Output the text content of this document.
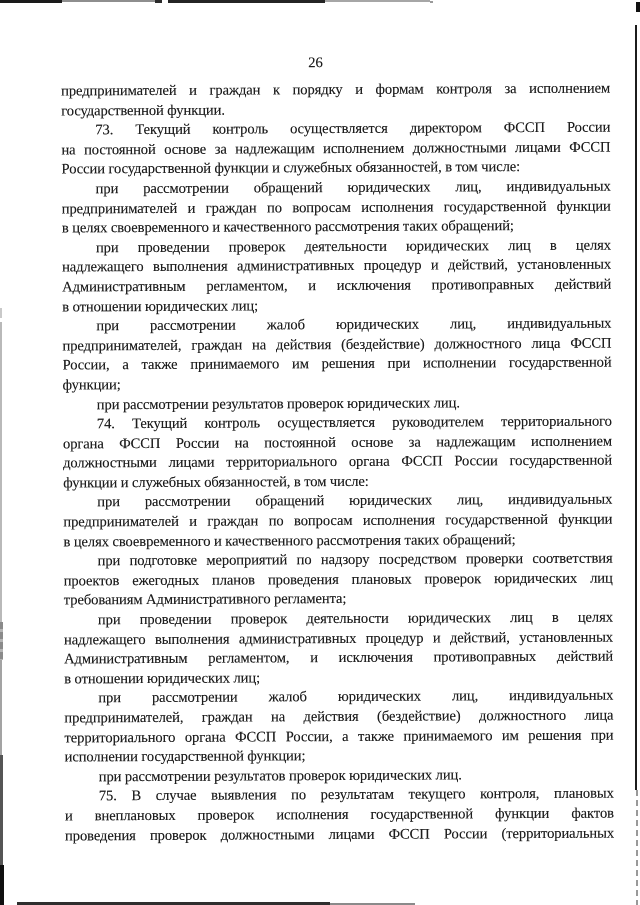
26
предпринимателей и граждан к порядку и формам контроля за исполнением
государственной функции.
73. Текущий контроль осуществляется директором ФССП России
на постоянной основе за надлежащим исполнением должностными лицами ФССП
России государственной функции и служебных обязанностей, в том числе:
при рассмотрении обращений юридических лиц, индивидуальных
предпринимателей и граждан по вопросам исполнения государственной функции
в целях своевременного и качественного рассмотрения таких обращений;
при проведении проверок деятельности юридических лиц в целях
надлежащего выполнения административных процедур и действий, установленных
Административным регламентом, и исключения противоправных действий
в отношении юридических лиц;
при рассмотрении жалоб юридических лиц, индивидуальных
предпринимателей, граждан на действия (бездействие) должностного лица ФССП
России, а также принимаемого им решения при исполнении государственной
функции;
при рассмотрении результатов проверок юридических лиц.
74. Текущий контроль осуществляется руководителем территориального
органа ФССП России на постоянной основе за надлежащим исполнением
должностными лицами территориального органа ФССП России государственной
функции и служебных обязанностей, в том числе:
при рассмотрении обращений юридических лиц, индивидуальных
предпринимателей и граждан по вопросам исполнения государственной функции
в целях своевременного и качественного рассмотрения таких обращений;
при подготовке мероприятий по надзору посредством проверки соответствия
проектов ежегодных планов проведения плановых проверок юридических лиц
требованиям Административного регламента;
при проведении проверок деятельности юридических лиц в целях
надлежащего выполнения административных процедур и действий, установленных
Административным регламентом, и исключения противоправных действий
в отношении юридических лиц;
при рассмотрении жалоб юридических лиц, индивидуальных
предпринимателей, граждан на действия (бездействие) должностного лица
территориального органа ФССП России, а также принимаемого им решения при
исполнении государственной функции;
при рассмотрении результатов проверок юридических лиц.
75. В случае выявления по результатам текущего контроля, плановых
и внеплановых проверок исполнения государственной функции фактов
проведения проверок должностными лицами ФССП России (территориальных
